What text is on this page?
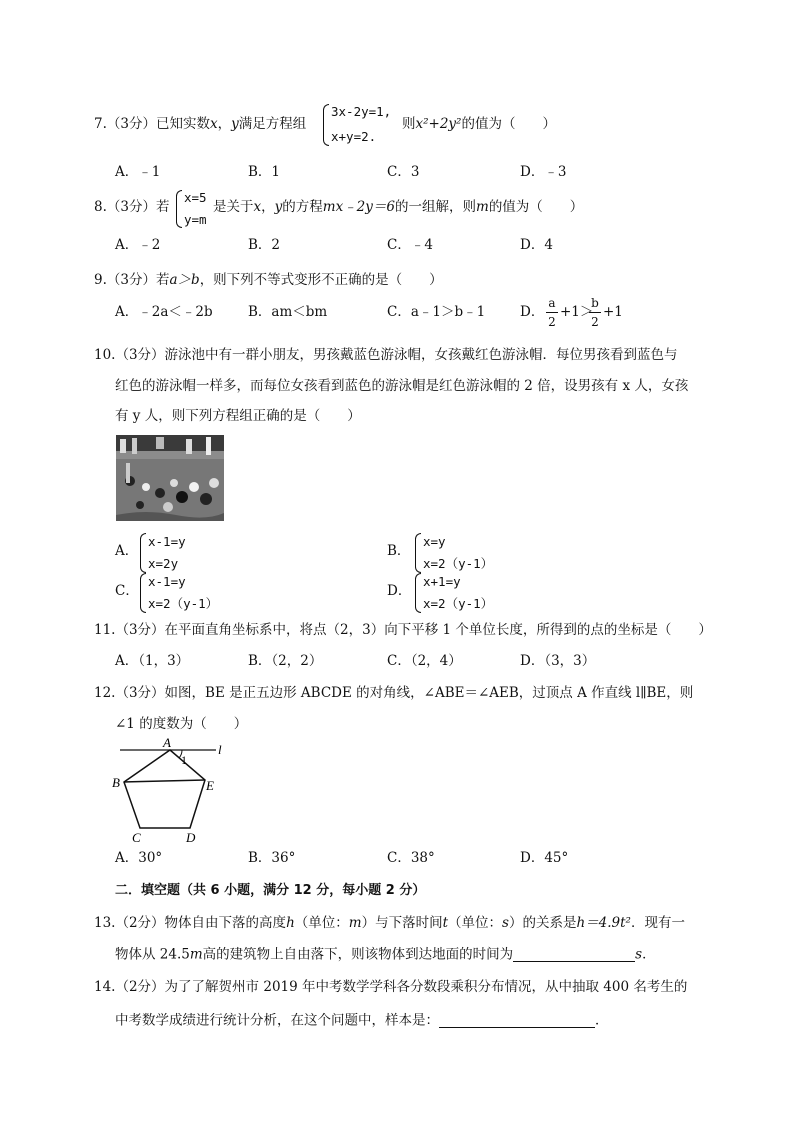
7.（3分）已知实数x，y满足方程组
3x-2y=1,
x+y=2.
则x²+2y²的值为（　　）
A．﹣1	B．1	C．3	D．﹣3
8.（3分）若
x=5
y=m
是关于x，y的方程mx﹣2y＝6的一组解，则m的值为（　　）
A．﹣2	B．2	C．﹣4	D．4
9.（3分）若a＞b，则下列不等式变形不正确的是（　　）
A．﹣2a＜﹣2b	B．am＜bm	C．a﹣1＞b﹣1	D．
a
2
+1＞
b
2
+1
10.（3分）游泳池中有一群小朋友，男孩戴蓝色游泳帽，女孩戴红色游泳帽．每位男孩看到蓝色与
红色的游泳帽一样多，而每位女孩看到蓝色的游泳帽是红色游泳帽的 2 倍，设男孩有 x 人，女孩
有 y 人，则下列方程组正确的是（　　）
A．
x-1=y
x=2y
B．
x=y
x=2（y-1）
C．
x-1=y
x=2（y-1）
D．
x+1=y
x=2（y-1）
11.（3分）在平面直角坐标系中，将点（2，3）向下平移 1 个单位长度，所得到的点的坐标是（　　）
A．（1，3）	B．（2，2）	C．（2，4）	D．（3，3）
12.（3分）如图，BE 是正五边形 ABCDE 的对角线，∠ABE＝∠AEB，过顶点 A 作直线 l∥BE，则
∠1 的度数为（　　）
A	l
1
B	E
C	D
A．30°	B．36°	C．38°	D．45°
二．填空题（共 6 小题，满分 12 分，每小题 2 分）
13.（2分）物体自由下落的高度h（单位：m）与下落时间t（单位：s）的关系是h＝4.9t²．现有一
物体从 24.5m高的建筑物上自由落下，则该物体到达地面的时间为	s．
14.（2分）为了了解贺州市 2019 年中考数学学科各分数段乘积分布情况，从中抽取 400 名考生的
中考数学成绩进行统计分析，在这个问题中，样本是：	．
